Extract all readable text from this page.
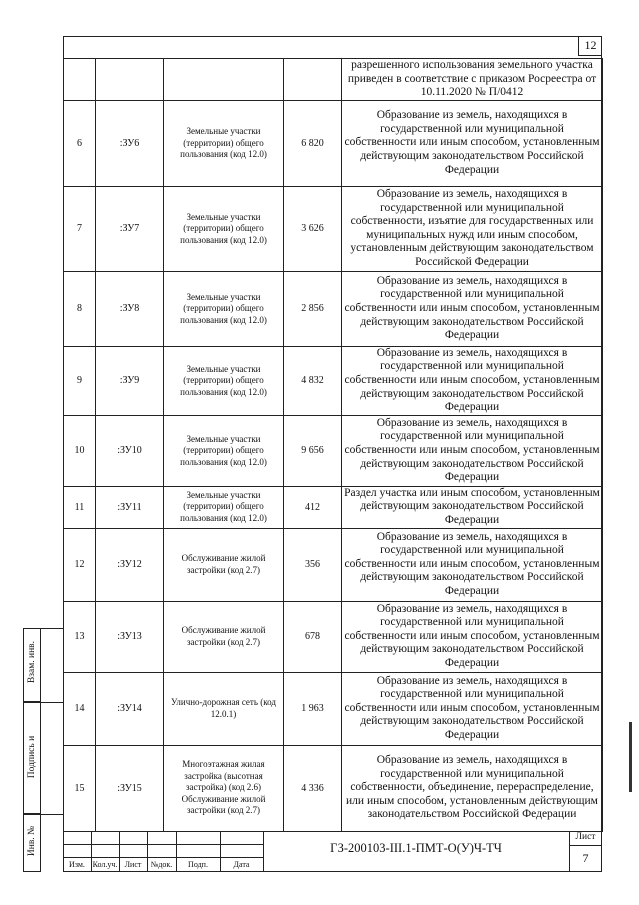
12
				разрешенного использования земельного участка приведен в соответствие с приказом Росреестра от 10.11.2020 № П/0412
6	:ЗУ6	Земельные участки (территории) общего пользования (код 12.0)	6 820	Образование из земель, находящихся в государственной или муниципальной собственности или иным способом, установленным действующим законодательством Российской Федерации
7	:ЗУ7	Земельные участки (территории) общего пользования (код 12.0)	3 626	Образование из земель, находящихся в государственной или муниципальной собственности, изъятие для государственных или муниципальных нужд или иным способом, установленным действующим законодательством Российской Федерации
8	:ЗУ8	Земельные участки (территории) общего пользования (код 12.0)	2 856	Образование из земель, находящихся в государственной или муниципальной собственности или иным способом, установленным действующим законодательством Российской Федерации
9	:ЗУ9	Земельные участки (территории) общего пользования (код 12.0)	4 832	Образование из земель, находящихся в государственной или муниципальной собственности или иным способом, установленным действующим законодательством Российской Федерации
10	:ЗУ10	Земельные участки (территории) общего пользования (код 12.0)	9 656	Образование из земель, находящихся в государственной или муниципальной собственности или иным способом, установленным действующим законодательством Российской Федерации
11	:ЗУ11	Земельные участки (территории) общего пользования (код 12.0)	412	Раздел участка или иным способом, установленным действующим законодательством Российской Федерации
12	:ЗУ12	Обслуживание жилой застройки (код 2.7)	356	Образование из земель, находящихся в государственной или муниципальной собственности или иным способом, установленным действующим законодательством Российской Федерации
13	:ЗУ13	Обслуживание жилой застройки (код 2.7)	678	Образование из земель, находящихся в государственной или муниципальной собственности или иным способом, установленным действующим законодательством Российской Федерации
14	:ЗУ14	Улично-дорожная сеть (код 12.0.1)	1 963	Образование из земель, находящихся в государственной или муниципальной собственности или иным способом, установленным действующим законодательством Российской Федерации
15	:ЗУ15	Многоэтажная жилая застройка (высотная застройка) (код 2.6) Обслуживание жилой застройки (код 2.7)	4 336	Образование из земель, находящихся в государственной или муниципальной собственности, объединение, перераспределение, или иным способом, установленным действующим законодательством Российской Федерации
Взам. инв.
Подпись и
Инв. №
Изм. Кол.уч. Лист	№док.	Подп.	Дата
ГЗ-200103-III.1-ПМТ-О(У)Ч-ТЧ
Лист
7
